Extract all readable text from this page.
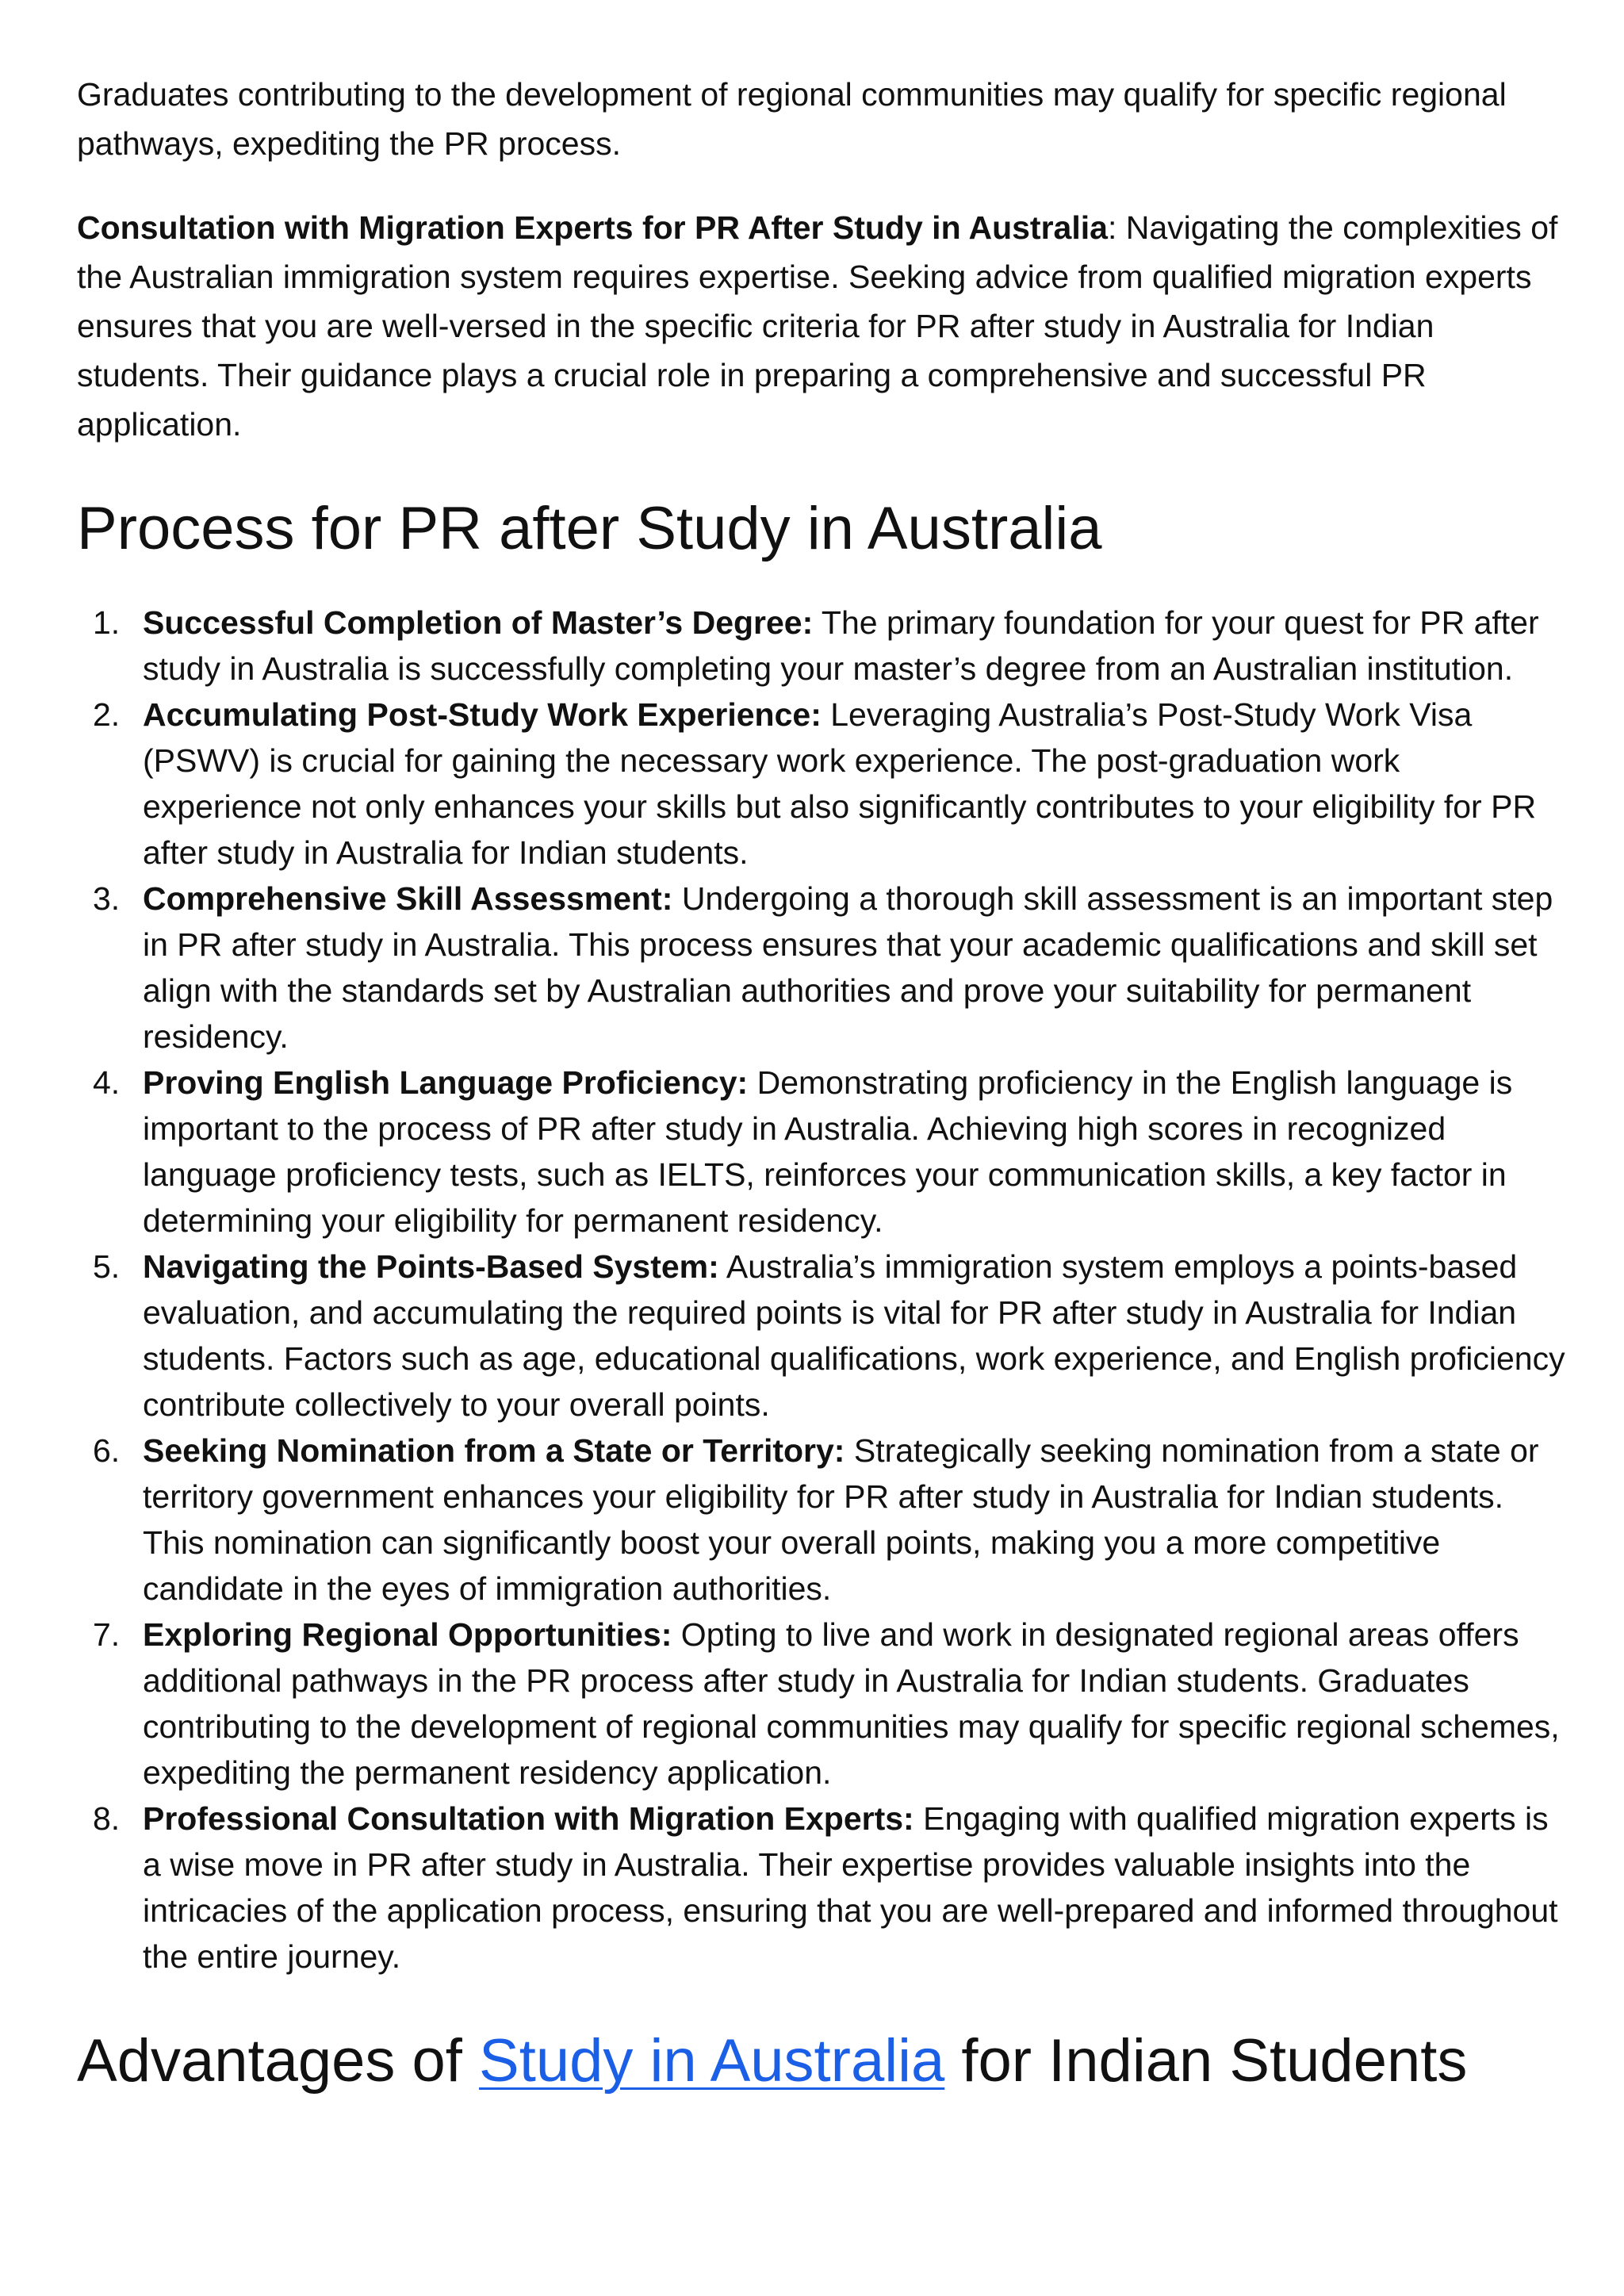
Graduates contributing to the development of regional communities may qualify for specific regional pathways, expediting the PR process.

Consultation with Migration Experts for PR After Study in Australia: Navigating the complexities of the Australian immigration system requires expertise. Seeking advice from qualified migration experts ensures that you are well-versed in the specific criteria for PR after study in Australia for Indian students. Their guidance plays a crucial role in preparing a comprehensive and successful PR application.

Process for PR after Study in Australia
1. Successful Completion of Master’s Degree: The primary foundation for your quest for PR after study in Australia is successfully completing your master’s degree from an Australian institution.
2. Accumulating Post-Study Work Experience: Leveraging Australia’s Post-Study Work Visa (PSWV) is crucial for gaining the necessary work experience. The post-graduation work experience not only enhances your skills but also significantly contributes to your eligibility for PR after study in Australia for Indian students.
3. Comprehensive Skill Assessment: Undergoing a thorough skill assessment is an important step in PR after study in Australia. This process ensures that your academic qualifications and skill set align with the standards set by Australian authorities and prove your suitability for permanent residency.
4. Proving English Language Proficiency: Demonstrating proficiency in the English language is important to the process of PR after study in Australia. Achieving high scores in recognized language proficiency tests, such as IELTS, reinforces your communication skills, a key factor in determining your eligibility for permanent residency.
5. Navigating the Points-Based System: Australia’s immigration system employs a points-based evaluation, and accumulating the required points is vital for PR after study in Australia for Indian students. Factors such as age, educational qualifications, work experience, and English proficiency contribute collectively to your overall points.
6. Seeking Nomination from a State or Territory: Strategically seeking nomination from a state or territory government enhances your eligibility for PR after study in Australia for Indian students. This nomination can significantly boost your overall points, making you a more competitive candidate in the eyes of immigration authorities.
7. Exploring Regional Opportunities: Opting to live and work in designated regional areas offers additional pathways in the PR process after study in Australia for Indian students. Graduates contributing to the development of regional communities may qualify for specific regional schemes, expediting the permanent residency application.
8. Professional Consultation with Migration Experts: Engaging with qualified migration experts is a wise move in PR after study in Australia. Their expertise provides valuable insights into the intricacies of the application process, ensuring that you are well-prepared and informed throughout the entire journey.
Advantages of Study in Australia for Indian Students
